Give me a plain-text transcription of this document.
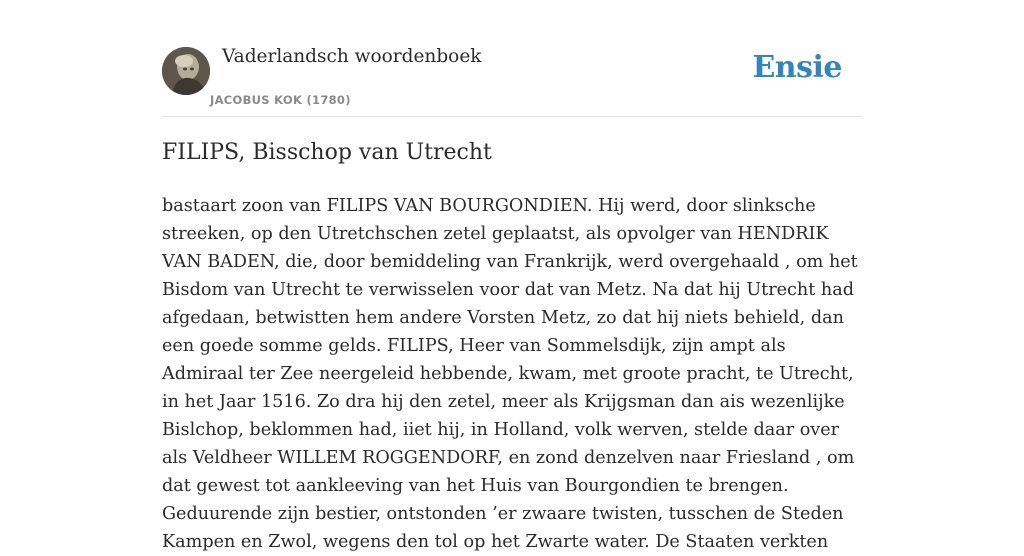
Vaderlandsch woordenboek
JACOBUS KOK (1780)
Ensie
FILIPS, Bisschop van Utrecht

bastaart zoon van FILIPS VAN BOURGONDIEN. Hij werd, door slinksche streeken, op den Utretchschen zetel geplaatst, als opvolger van HENDRIK VAN BADEN, die, door bemiddeling van Frankrijk, werd overgehaald , om het Bisdom van Utrecht te verwisselen voor dat van Metz. Na dat hij Utrecht had afgedaan, betwistten hem andere Vorsten Metz, zo dat hij niets behield, dan een goede somme gelds. FILIPS, Heer van Sommelsdijk, zijn ampt als Admiraal ter Zee neergeleid hebbende, kwam, met groote pracht, te Utrecht, in het Jaar 1516. Zo dra hij den zetel, meer als Krijgsman dan ais wezenlijke Bislchop, beklommen had, iiet hij, in Holland, volk werven, stelde daar over als Veldheer WILLEM ROGGENDORF, en zond denzelven naar Friesland , om dat gewest tot aankleeving van het Huis van Bourgondien te brengen. Geduurende zijn bestier, ontstonden ’er zwaare twisten, tusschen de Steden Kampen en Zwol, wegens den tol op het Zwarte water. De Staaten verkten
